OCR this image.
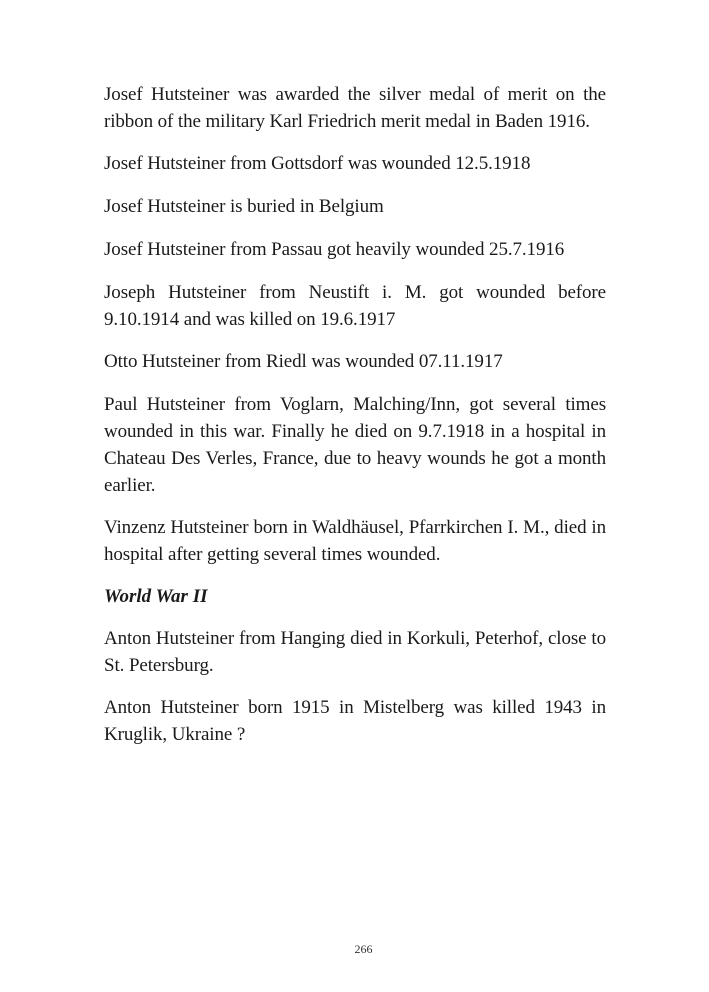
Josef Hutsteiner was awarded the silver medal of merit on the ribbon of the military Karl Friedrich merit medal in Baden 1916.

Josef Hutsteiner from Gottsdorf was wounded 12.5.1918

Josef Hutsteiner is buried in Belgium

Josef Hutsteiner from Passau got heavily wounded 25.7.1916

Joseph Hutsteiner from Neustift i. M. got wounded before 9.10.1914 and was killed on 19.6.1917

Otto Hutsteiner from Riedl was wounded 07.11.1917

Paul Hutsteiner from Voglarn, Malching/Inn, got several times wounded in this war. Finally he died on 9.7.1918 in a hospital in Chateau Des Verles, France, due to heavy wounds he got a month earlier.

Vinzenz Hutsteiner born in Waldhäusel, Pfarrkirchen I. M., died in hospital after getting several times wounded.

World War II

Anton Hutsteiner from Hanging died in Korkuli, Peterhof, close to St. Petersburg.

Anton Hutsteiner born 1915 in Mistelberg was killed 1943 in Kruglik, Ukraine ?

266
